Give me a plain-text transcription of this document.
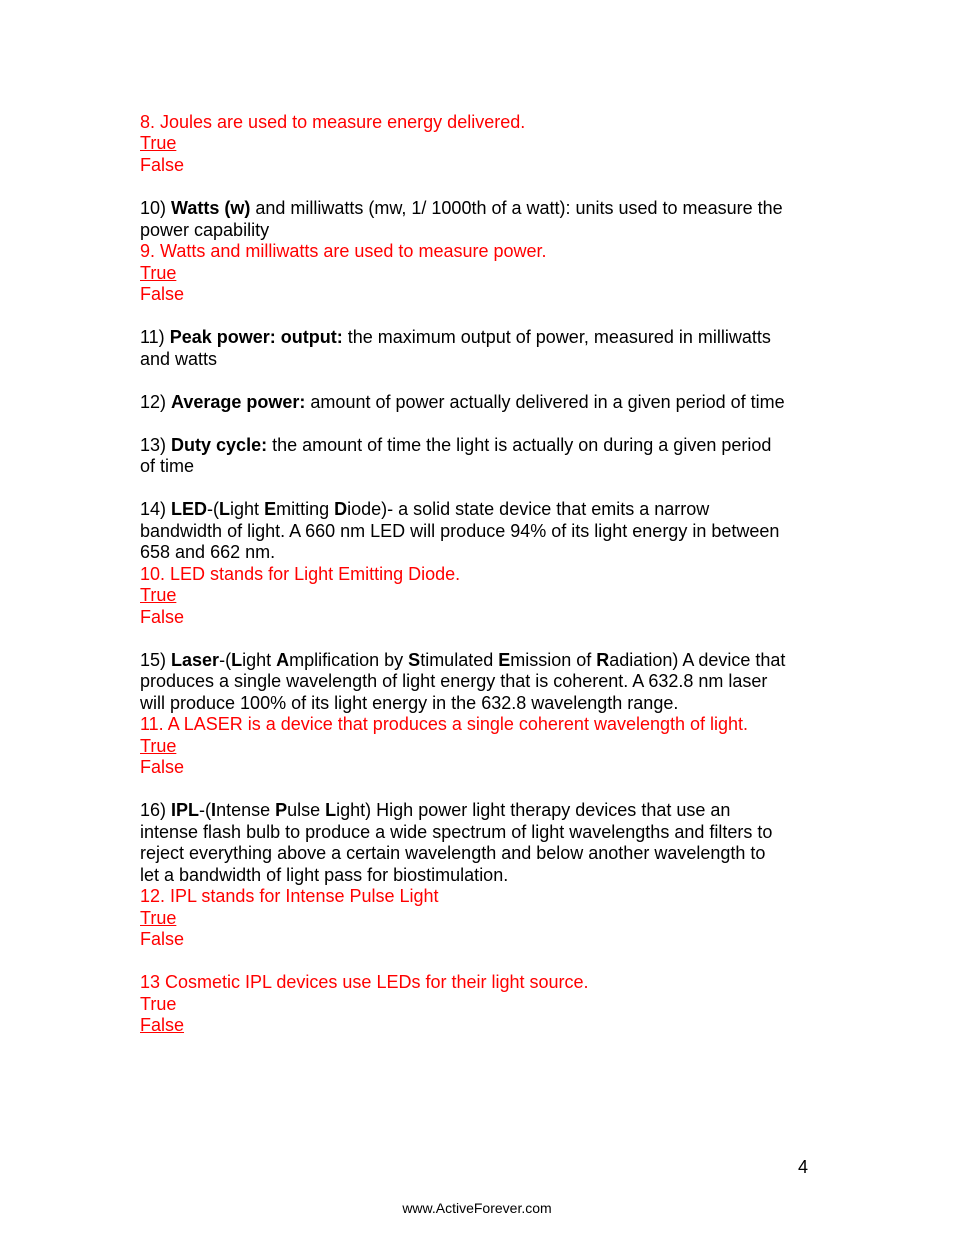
8. Joules are used to measure energy delivered.
True
False
10) Watts (w) and milliwatts (mw, 1/ 1000th of a watt): units used to measure the
power capability
9. Watts and milliwatts are used to measure power.
True
False
11) Peak power: output: the maximum output of power, measured in milliwatts
and watts
12) Average power: amount of power actually delivered in a given period of time
13) Duty cycle: the amount of time the light is actually on during a given period
of time
14) LED-(Light Emitting Diode)- a solid state device that emits a narrow
bandwidth of light. A 660 nm LED will produce 94% of its light energy in between
658 and 662 nm.
10. LED stands for Light Emitting Diode.
True
False
15) Laser-(Light Amplification by Stimulated Emission of Radiation) A device that
produces a single wavelength of light energy that is coherent. A 632.8 nm laser
will produce 100% of its light energy in the 632.8 wavelength range.
11. A LASER is a device that produces a single coherent wavelength of light.
True
False
16) IPL-(Intense Pulse Light) High power light therapy devices that use an
intense flash bulb to produce a wide spectrum of light wavelengths and filters to
reject everything above a certain wavelength and below another wavelength to
let a bandwidth of light pass for biostimulation.
12. IPL stands for Intense Pulse Light
True
False
13 Cosmetic IPL devices use LEDs for their light source.
True
False
4
www.ActiveForever.com
